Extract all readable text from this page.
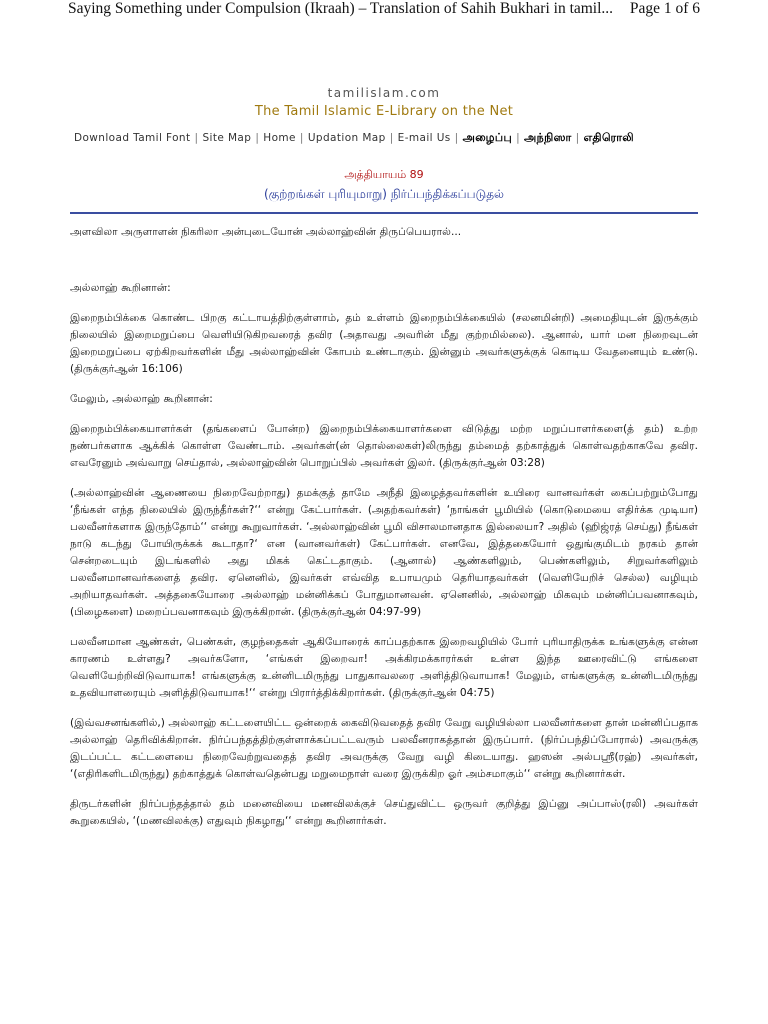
Saying Something under Compulsion (Ikraah) – Translation of Sahih Bukhari in tamil... Page 1 of 6
tamilislam.com
The Tamil Islamic E-Library on the Net
Download Tamil Font | Site Map | Home | Updation Map | E-mail Us | அழைப்பு | அந்நிஸா | எதிரொலி
அத்தியாயம் 89
(குற்றங்கள் புரியுமாறு) நிர்ப்பந்திக்கப்படுதல்

அளவிலா அருளாளன் நிகரிலா அன்புடையோன் அல்லாஹ்வின் திருப்பெயரால்...

அல்லாஹ் கூறினான்:

இறைநம்பிக்கை கொண்ட பிறகு கட்டாயத்திற்குள்ளாம், தம் உள்ளம் இறைநம்பிக்கையில் (சலனமின்றி) அமைதியுடன் இருக்கும் நிலையில் இறைமறுப்பை வெளியிடுகிறவரைத் தவிர (அதாவது அவரின் மீது குற்றமில்லை). ஆனால், யார் மன நிறைவுடன் இறைமறுப்பை ஏற்கிறவர்களின் மீது அல்லாஹ்வின் கோபம் உண்டாகும். இன்னும் அவர்களுக்குக் கொடிய வேதனையும் உண்டு. (திருக்குர்ஆன் 16:106)

மேலும், அல்லாஹ் கூறினான்:

இறைநம்பிக்கையாளர்கள் (தங்களைப் போன்ற) இறைநம்பிக்கையாளர்களை விடுத்து மற்ற மறுப்பாளர்களை(த் தம்) உற்ற நண்பர்களாக ஆக்கிக் கொள்ள வேண்டாம். அவர்கள்(ன் தொல்லைகள்)லிருந்து தம்மைத் தற்காத்துக் கொள்வதற்காகவே தவிர. எவரேனும் அவ்வாறு செய்தால், அல்லாஹ்வின் பொறுப்பில் அவர்கள் இலர். (திருக்குர்ஆன் 03:28)

(அல்லாஹ்வின் ஆணையை நிறைவேற்றாது) தமக்குத் தாமே அநீதி இழைத்தவர்களின் உயிரை வானவர்கள் கைப்பற்றும்போது ‘நீங்கள் எந்த நிலையில் இருந்தீர்கள்?‘‘ என்று கேட்பார்கள். (அதற்கவர்கள்) ‘நாங்கள் பூமியில் (கொடுமையை எதிர்க்க முடியா) பலவீனர்களாக இருந்தோம்‘‘ என்று கூறுவார்கள். ‘அல்லாஹ்வின் பூமி விசாலமானதாக இல்லையா? அதில் (ஹிஜ்ரத் செய்து) நீங்கள் நாடு கடந்து போயிருக்கக் கூடாதா?‘ என (வானவர்கள்) கேட்பார்கள். எனவே, இத்தகையோர் ஒதுங்குமிடம் நரகம் தான் சென்றடையும் இடங்களில் அது மிகக் கெட்டதாகும். (ஆனால்) ஆண்களிலும், பெண்களிலும், சிறுவர்களிலும் பலவீனமானவர்களைத் தவிர. ஏனெனில், இவர்கள் எவ்வித உபாயமும் தெரியாதவர்கள் (வெளியேறிச் செல்ல) வழியும் அறியாதவர்கள். அத்தகையோரை அல்லாஹ் மன்னிக்கப் போதுமானவன். ஏனெனில், அல்லாஹ் மிகவும் மன்னிப்பவனாகவும், (பிழைகளை) மறைப்பவனாகவும் இருக்கிறான். (திருக்குர்ஆன் 04:97-99)

பலவீனமான ஆண்கள், பெண்கள், குழந்தைகள் ஆகியோரைக் காப்பதற்காக இறைவழியில் போர் புரியாதிருக்க உங்களுக்கு என்ன காரணம் உள்ளது? அவர்களோ, ‘எங்கள் இறைவா! அக்கிரமக்காரர்கள் உள்ள இந்த ஊரைவிட்டு எங்களை வெளியேற்றிவிடுவாயாக! எங்களுக்கு உன்னிடமிருந்து பாதுகாவலரை அளித்திடுவாயாக! மேலும், எங்களுக்கு உன்னிடமிருந்து உதவியாளரையும் அளித்திடுவாயாக!‘‘ என்று பிரார்த்திக்கிறார்கள். (திருக்குர்ஆன் 04:75)

(இவ்வசனங்களில்,) அல்லாஹ் கட்டளையிட்ட ஒன்றைக் கைவிடுவதைத் தவிர வேறு வழியில்லா பலவீனர்களை தான் மன்னிப்பதாக அல்லாஹ் தெரிவிக்கிறான். நிர்ப்பந்தத்திற்குள்ளாக்கப்பட்டவரும் பலவீனராகத்தான் இருப்பார். (நிர்ப்பந்திப்போரால்) அவருக்கு இடப்பட்ட கட்டளையை நிறைவேற்றுவதைத் தவிர அவருக்கு வேறு வழி கிடையாது. ஹஸன் அல்பஸ்ரீ(ரஹ்) அவர்கள், ‘(எதிரிகளிடமிருந்து) தற்காத்துக் கொள்வதென்பது மறுமைநாள் வரை இருக்கிற ஓர் அம்சமாகும்‘‘ என்று கூறினார்கள்.

திருடர்களின் நிர்ப்பந்தத்தால் தம் மனைவியை மணவிலக்குச் செய்துவிட்ட ஒருவர் குறித்து இப்னு அப்பாஸ்(ரலி) அவர்கள் கூறுகையில், ‘(மணவிலக்கு) எதுவும் நிகழாது‘‘ என்று கூறினார்கள்.
